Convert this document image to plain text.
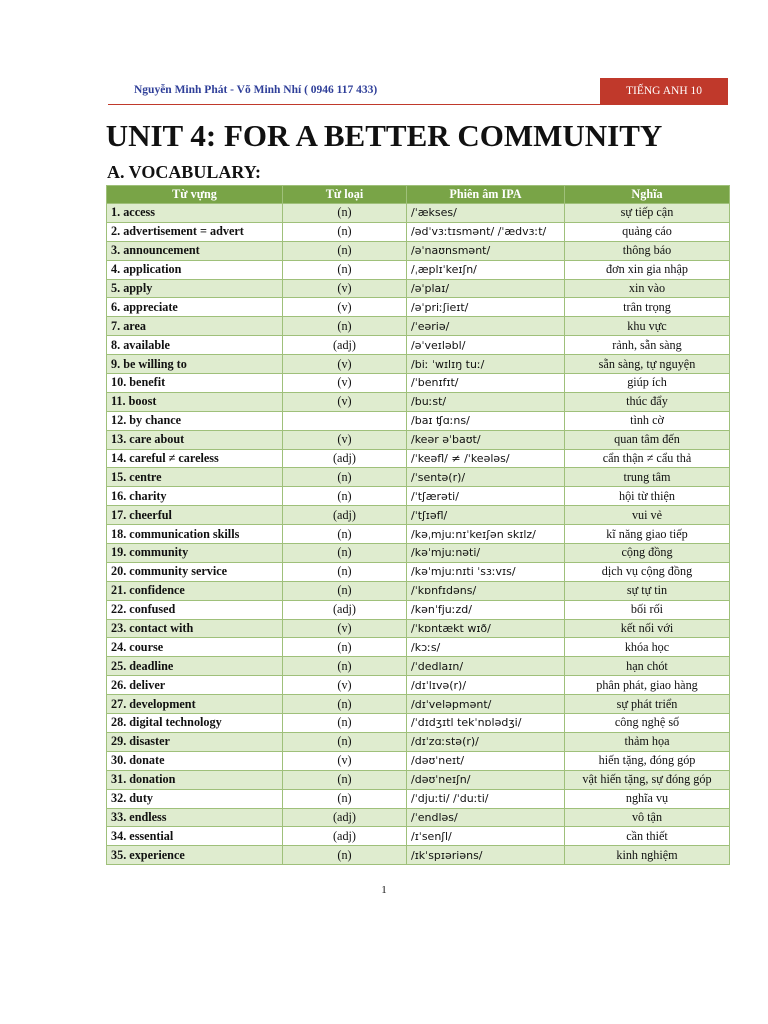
Nguyễn Minh Phát - Võ Minh Nhí ( 0946 117 433)	TIẾNG ANH 10
UNIT 4: FOR A BETTER COMMUNITY
A. VOCABULARY:
Từ vựng	Từ loại	Phiên âm IPA	Nghĩa
1. access	(n)	/ˈækses/	sự tiếp cận
2. advertisement = advert	(n)	/ədˈvɜːtɪsmənt/ /ˈædvɜːt/	quảng cáo
3. announcement	(n)	/əˈnaʊnsmənt/	thông báo
4. application	(n)	/ˌæplɪˈkeɪʃn/	đơn xin gia nhập
5. apply	(v)	/əˈplaɪ/	xin vào
6. appreciate	(v)	/əˈpriːʃieɪt/	trân trọng
7. area	(n)	/ˈeəriə/	khu vực
8. available	(adj)	/əˈveɪləbl/	rảnh, sẵn sàng
9. be willing to	(v)	/biː ˈwɪlɪŋ tuː/	sẵn sàng, tự nguyện
10. benefit	(v)	/ˈbenɪfɪt/	giúp ích
11. boost	(v)	/buːst/	thúc đẩy
12. by chance		/baɪ ʧɑːns/	tình cờ
13. care about	(v)	/keər əˈbaʊt/	quan tâm đến
14. careful ≠ careless	(adj)	/ˈkeəfl/ ≠ /ˈkeələs/	cẩn thận ≠ cẩu thả
15. centre	(n)	/ˈsentə(r)/	trung tâm
16. charity	(n)	/ˈtʃærəti/	hội từ thiện
17. cheerful	(adj)	/ˈtʃɪəfl/	vui vẻ
18. communication skills	(n)	/kəˌmjuːnɪˈkeɪʃən skɪlz/	kĩ năng giao tiếp
19. community	(n)	/kəˈmjuːnəti/	cộng đồng
20. community service	(n)	/kəˈmjuːnɪti ˈsɜːvɪs/	dịch vụ cộng đồng
21. confidence	(n)	/ˈkɒnfɪdəns/	sự tự tin
22. confused	(adj)	/kənˈfjuːzd/	bối rối
23. contact with	(v)	/ˈkɒntækt wɪð/	kết nối với
24. course	(n)	/kɔːs/	khóa học
25. deadline	(n)	/ˈdedlaɪn/	hạn chót
26. deliver	(v)	/dɪˈlɪvə(r)/	phân phát, giao hàng
27. development	(n)	/dɪˈveləpmənt/	sự phát triển
28. digital technology	(n)	/ˈdɪdʒɪtl tekˈnɒlədʒi/	công nghệ số
29. disaster	(n)	/dɪˈzɑːstə(r)/	thảm họa
30. donate	(v)	/dəʊˈneɪt/	hiến tặng, đóng góp
31. donation	(n)	/dəʊˈneɪʃn/	vật hiến tặng, sự đóng góp
32. duty	(n)	/ˈdjuːti/ /ˈduːti/	nghĩa vụ
33. endless	(adj)	/ˈendləs/	vô tận
34. essential	(adj)	/ɪˈsenʃl/	cần thiết
35. experience	(n)	/ɪkˈspɪəriəns/	kinh nghiệm
1
